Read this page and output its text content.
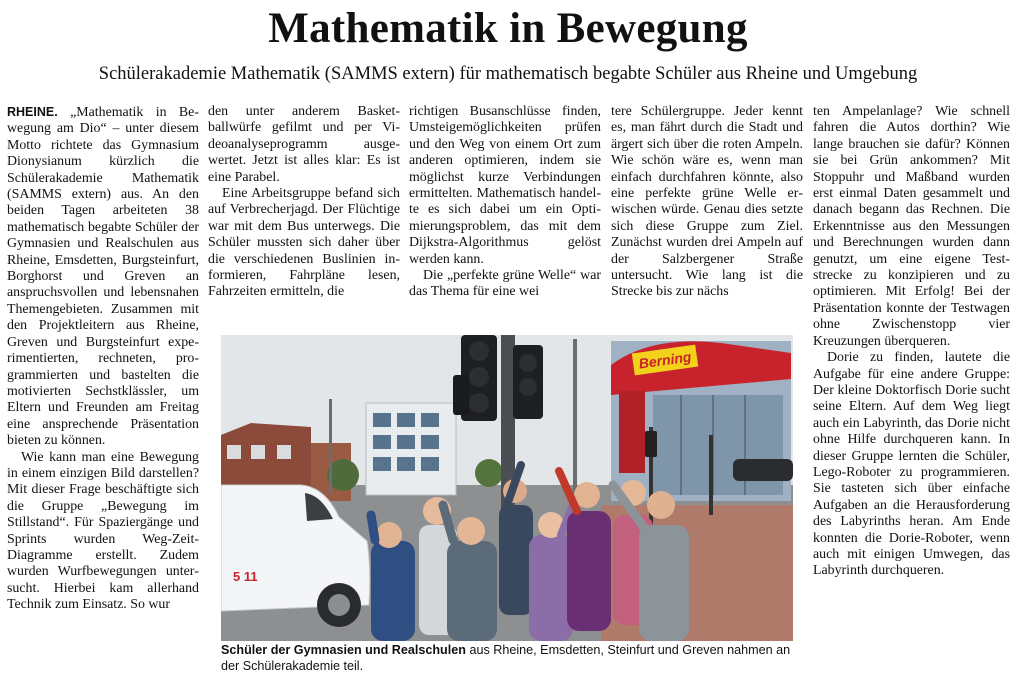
Mathematik in Bewegung
Schülerakademie Mathematik (SAMMS extern) für mathematisch begabte Schüler aus Rheine und Umgebung

RHEINE. „Mathematik in Bewegung am Dio“ – unter diesem Motto richtete das Gymnasium Dionysianum kürzlich die Schülerakademie Mathematik (SAMMS extern) aus. An den beiden Tagen arbeiteten 38 mathematisch begabte Schüler der Gymnasien und Realschulen aus Rheine, Emsdetten, Burgsteinfurt, Borghorst und Greven an anspruchsvollen und lebensnahen Themengebieten. Zusammen mit den Projektleitern aus Rheine, Greven und Burgsteinfurt experimentierten, rechneten, programmierten und bastelten die motivierten Sechstklässler, um Eltern und Freunden am Freitag eine ansprechende Präsentation bieten zu können.

Wie kann man eine Bewegung in einem einzigen Bild darstellen? Mit dieser Frage beschäftigte sich die Gruppe „Bewegung im Stillstand“. Für Spaziergänge und Sprints wurden Weg-Zeit-Diagramme erstellt. Zudem wurden Wurfbewegungen untersucht. Hierbei kam allerhand Technik zum Einsatz. So wur

den unter anderem Basketballwürfe gefilmt und per Videoanalyseprogramm ausgewertet. Jetzt ist alles klar: Es ist eine Parabel.

Eine Arbeitsgruppe befand sich auf Verbrecherjagd. Der Flüchtige war mit dem Bus unterwegs. Die Schüler mussten sich daher über die verschiedenen Buslinien informieren, Fahrpläne lesen, Fahrzeiten ermitteln, die

richtigen Busanschlüsse finden, Umsteigemöglichkeiten prüfen und den Weg von einem Ort zum anderen optimieren, indem sie möglichst kurze Verbindungen ermittelten. Mathematisch handelte es sich dabei um ein Optimierungsproblem, das mit dem Dijkstra-Algorithmus gelöst werden kann.

Die „perfekte grüne Welle“ war das Thema für eine wei

tere Schülergruppe. Jeder kennt es, man fährt durch die Stadt und ärgert sich über die roten Ampeln. Wie schön wäre es, wenn man einfach durchfahren könnte, also eine perfekte grüne Welle erwischen würde. Genau dies setzte sich diese Gruppe zum Ziel. Zunächst wurden drei Ampeln auf der Salzbergener Straße untersucht. Wie lang ist die Strecke bis zur nächs

ten Ampelanlage? Wie schnell fahren die Autos dorthin? Wie lange brauchen sie dafür? Können sie bei Grün ankommen? Mit Stoppuhr und Maßband wurden erst einmal Daten gesammelt und danach begann das Rechnen. Die Erkenntnisse aus den Messungen und Berechnungen wurden dann genutzt, um eine eigene Teststrecke zu konzipieren und zu optimieren. Mit Erfolg! Bei der Präsentation konnte der Testwagen ohne Zwischenstopp vier Kreuzungen überqueren.

Dorie zu finden, lautete die Aufgabe für eine andere Gruppe: Der kleine Doktorfisch Dorie sucht seine Eltern. Auf dem Weg liegt auch ein Labyrinth, das Dorie nicht ohne Hilfe durchqueren kann. In dieser Gruppe lernten die Schüler, Lego-Roboter zu programmieren. Sie tasteten sich über einfache Aufgaben an die Herausforderung des Labyrinths heran. Am Ende konnten die Dorie-Roboter, wenn auch mit einigen Umwegen, das Labyrinth durchqueren.

Berning
5 11
Schüler der Gymnasien und Realschulen aus Rheine, Emsdetten, Steinfurt und Greven nahmen an der Schülerakademie teil.
